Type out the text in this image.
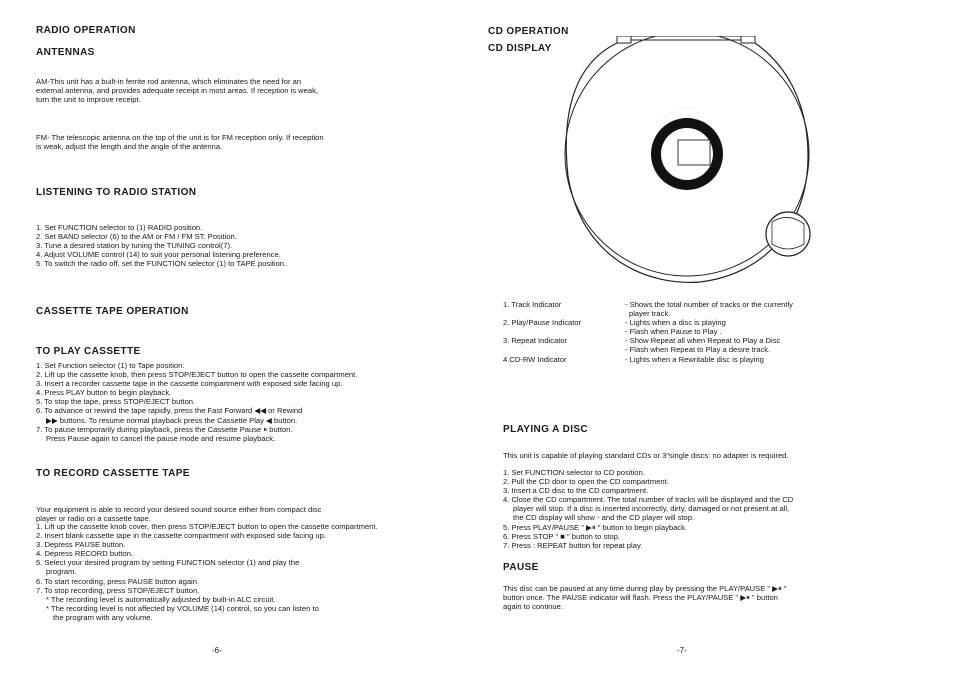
RADIO OPERATION
ANTENNAS
AM-This unit has a built-in ferrite rod antenna, which eliminates the need for an
external antenna, and provides adequate receipt in most areas. If reception is weak,
turn the unit to improve receipt.
FM- The telescopic antenna on the top of the unit is for FM reception only. If reception
is weak, adjust the length and the angle of the antenna.
LISTENING TO RADIO STATION
1. Set FUNCTION selector to (1) RADIO position.
2. Set BAND selector (6) to the AM or FM / FM ST. Position.
3. Tune a desired station by tuning the TUNING control(7).
4. Adjust VOLUME control (14) to suit your personal listening preference.
5. To switch the radio off, set the FUNCTION selector (1) to TAPE position.
CASSETTE TAPE OPERATION
TO PLAY CASSETTE
1. Set Function selector (1) to Tape position.
2. Lift up the cassette knob, then press STOP/EJECT button to open the cassette compartment.
3. Insert a recorder cassette tape in the cassette compartment with exposed side facing up.
4. Press PLAY button to begin playback.
5. To stop the tape, press STOP/EJECT button.
6. To advance or rewind the tape rapidly, press the Fast Forward ◀◀ or Rewind
▶▶ buttons. To resume normal playback press the Cassette Play ◀ button.
7. To pause temporarily during playback, press the Cassette Pause ⏸ button.
Press Pause again to cancel the pause mode and resume playback.
TO RECORD CASSETTE TAPE
Your equipment is able to record your desired sound source either from compact disc
player or radio on a cassette tape.
1. Lift up the cassette knob cover, then press STOP/EJECT button to open the cassette compartment.
2. Insert blank cassette tape in the cassette compartment with exposed side facing up.
3. Depress PAUSE button.
4. Depress RECORD button.
5. Select your desired program by setting FUNCTION selector (1) and play the
program.
6. To start recording, press PAUSE button again.
7. To stop recording, press STOP/EJECT button.
* The recording level is automatically adjusted by built-in ALC circuit.
* The recording level is not affected by VOLUME (14) control, so you can listen to
the program with any volume.
-6-
CD OPERATION
CD DISPLAY
CD-Radio PLAYBACK
1. Track Indicator	- Shows the total number of tracks or the currently
player track.
2. Play/Pause Indicator	- Lights when a disc is playing
- Flash when Pause to Play .
3. Repeat Indicator	- Show Repeat all when Repeat to Play a Disc
- Flash when Repeat to Play a desire track.
4.CD-RW Indicator	- Lights when a Rewritable disc is playing
PLAYING A DISC
This unit is capable of playing standard CDs or 3"single discs: no adapter is required.
1. Set FUNCTION selector to CD position.
2. Pull the CD door to open the CD compartment.
3. Insert a CD disc to the CD compartment.
4. Close the CD compartment. The total number of tracks will be displayed and the CD
player will stop. If a disc is inserted incorrectly, dirty, damaged or not present at all,
the CD display will show - and the CD player will stop.
5. Press PLAY/PAUSE " ▶⏸ " button to begin playback.
6. Press STOP " ■ " button to stop.
7. Press : REPEAT button for repeat play.
PAUSE
This disc can be paused at any time during play by pressing the PLAY/PAUSE " ▶⏸ "
button once. The PAUSE indicator will flash. Press the PLAY/PAUSE " ▶⏸ " button
again to continue.
-7-
